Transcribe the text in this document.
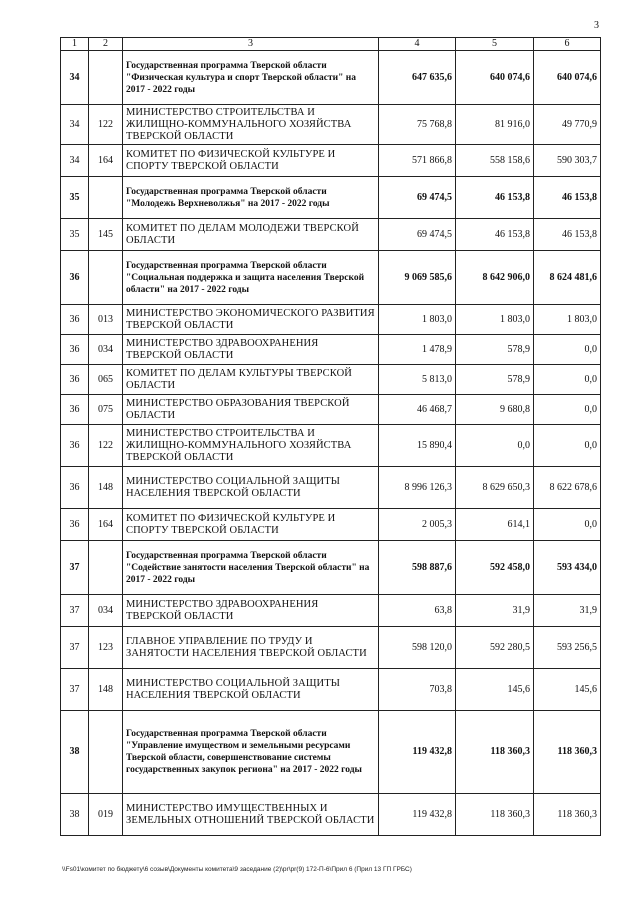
3
1	2	3	4	5	6
34		Государственная программа Тверской области "Физическая культура и спорт Тверской области" на 2017 - 2022 годы	647 635,6	640 074,6	640 074,6
34	122	МИНИСТЕРСТВО СТРОИТЕЛЬСТВА И ЖИЛИЩНО-КОММУНАЛЬНОГО ХОЗЯЙСТВА ТВЕРСКОЙ ОБЛАСТИ	75 768,8	81 916,0	49 770,9
34	164	КОМИТЕТ ПО ФИЗИЧЕСКОЙ КУЛЬТУРЕ И СПОРТУ ТВЕРСКОЙ ОБЛАСТИ	571 866,8	558 158,6	590 303,7
35		Государственная программа Тверской области "Молодежь Верхневолжья" на 2017 - 2022 годы	69 474,5	46 153,8	46 153,8
35	145	КОМИТЕТ ПО ДЕЛАМ МОЛОДЕЖИ ТВЕРСКОЙ ОБЛАСТИ	69 474,5	46 153,8	46 153,8
36		Государственная программа Тверской области "Социальная поддержка и защита населения Тверской области" на 2017 - 2022 годы	9 069 585,6	8 642 906,0	8 624 481,6
36	013	МИНИСТЕРСТВО ЭКОНОМИЧЕСКОГО РАЗВИТИЯ ТВЕРСКОЙ ОБЛАСТИ	1 803,0	1 803,0	1 803,0
36	034	МИНИСТЕРСТВО ЗДРАВООХРАНЕНИЯ ТВЕРСКОЙ ОБЛАСТИ	1 478,9	578,9	0,0
36	065	КОМИТЕТ ПО ДЕЛАМ КУЛЬТУРЫ ТВЕРСКОЙ ОБЛАСТИ	5 813,0	578,9	0,0
36	075	МИНИСТЕРСТВО ОБРАЗОВАНИЯ ТВЕРСКОЙ ОБЛАСТИ	46 468,7	9 680,8	0,0
36	122	МИНИСТЕРСТВО СТРОИТЕЛЬСТВА И ЖИЛИЩНО-КОММУНАЛЬНОГО ХОЗЯЙСТВА ТВЕРСКОЙ ОБЛАСТИ	15 890,4	0,0	0,0
36	148	МИНИСТЕРСТВО СОЦИАЛЬНОЙ ЗАЩИТЫ НАСЕЛЕНИЯ ТВЕРСКОЙ ОБЛАСТИ	8 996 126,3	8 629 650,3	8 622 678,6
36	164	КОМИТЕТ ПО ФИЗИЧЕСКОЙ КУЛЬТУРЕ И СПОРТУ ТВЕРСКОЙ ОБЛАСТИ	2 005,3	614,1	0,0
37		Государственная программа Тверской области "Содействие занятости населения Тверской области" на 2017 - 2022 годы	598 887,6	592 458,0	593 434,0
37	034	МИНИСТЕРСТВО ЗДРАВООХРАНЕНИЯ ТВЕРСКОЙ ОБЛАСТИ	63,8	31,9	31,9
37	123	ГЛАВНОЕ УПРАВЛЕНИЕ ПО ТРУДУ И ЗАНЯТОСТИ НАСЕЛЕНИЯ ТВЕРСКОЙ ОБЛАСТИ	598 120,0	592 280,5	593 256,5
37	148	МИНИСТЕРСТВО СОЦИАЛЬНОЙ ЗАЩИТЫ НАСЕЛЕНИЯ ТВЕРСКОЙ ОБЛАСТИ	703,8	145,6	145,6
38		Государственная программа Тверской области "Управление имуществом и земельными ресурсами Тверской области, совершенствование системы государственных закупок региона" на 2017 - 2022 годы	119 432,8	118 360,3	118 360,3
38	019	МИНИСТЕРСТВО ИМУЩЕСТВЕННЫХ И ЗЕМЕЛЬНЫХ ОТНОШЕНИЙ ТВЕРСКОЙ ОБЛАСТИ	119 432,8	118 360,3	118 360,3
\\Fs01\комитет по бюджету\6 созыв\Документы комитета\9 заседание (2)\pr\pr(9) 172-П-6\Прил 6 (Прил 13 ГП ГРБС)
